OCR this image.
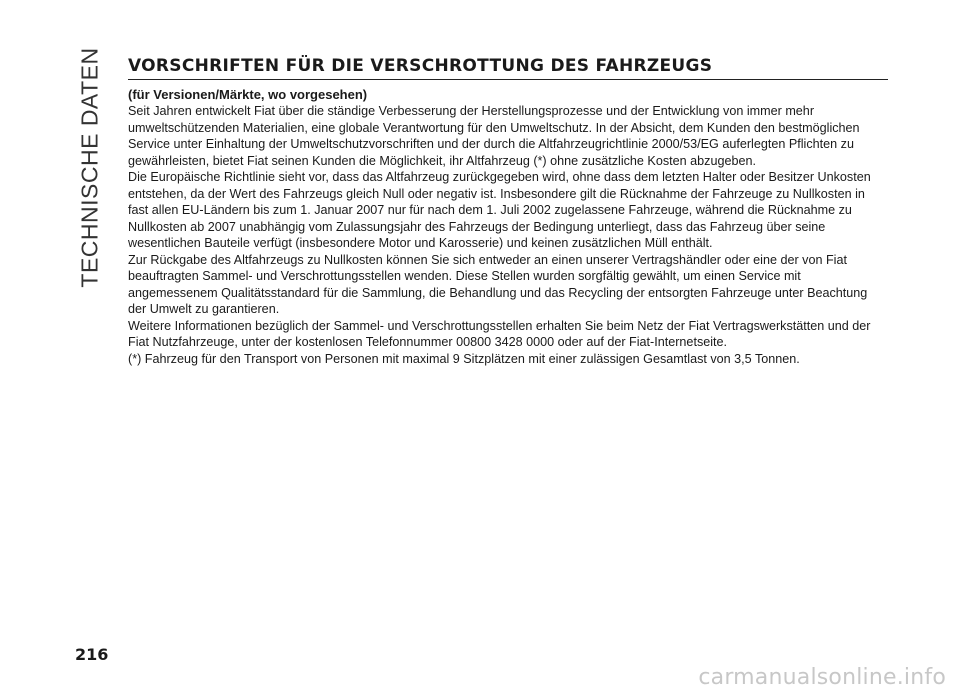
TECHNISCHE DATEN VORSCHRIFTEN FÜR DIE VERSCHROTTUNG DES FAHRZEUGS

(für Versionen/Märkte, wo vorgesehen)

Seit Jahren entwickelt Fiat über die ständige Verbesserung der Herstellungsprozesse und der Entwicklung von immer mehr umweltschützenden Materialien, eine globale Verantwortung für den Umweltschutz. In der Absicht, dem Kunden den bestmöglichen Service unter Einhaltung der Umweltschutzvorschriften und der durch die Altfahrzeugrichtlinie 2000/53/EG auferlegten Pflichten zu gewährleisten, bietet Fiat seinen Kunden die Möglichkeit, ihr Altfahrzeug (*) ohne zusätzliche Kosten abzugeben.

Die Europäische Richtlinie sieht vor, dass das Altfahrzeug zurückgegeben wird, ohne dass dem letzten Halter oder Besitzer Unkosten entstehen, da der Wert des Fahrzeugs gleich Null oder negativ ist. Insbesondere gilt die Rücknahme der Fahrzeuge zu Nullkosten in fast allen EU-Ländern bis zum 1. Januar 2007 nur für nach dem 1. Juli 2002 zugelassene Fahrzeuge, während die Rücknahme zu Nullkosten ab 2007 unabhängig vom Zulassungsjahr des Fahrzeugs der Bedingung unterliegt, dass das Fahrzeug über seine wesentlichen Bauteile verfügt (insbesondere Motor und Karosserie) und keinen zusätzlichen Müll enthält.

Zur Rückgabe des Altfahrzeugs zu Nullkosten können Sie sich entweder an einen unserer Vertragshändler oder eine der von Fiat beauftragten Sammel- und Verschrottungsstellen wenden. Diese Stellen wurden sorgfältig gewählt, um einen Service mit angemessenem Qualitätsstandard für die Sammlung, die Behandlung und das Recycling der entsorgten Fahrzeuge unter Beachtung der Umwelt zu garantieren.

Weitere Informationen bezüglich der Sammel- und Verschrottungsstellen erhalten Sie beim Netz der Fiat Vertragswerkstätten und der Fiat Nutzfahrzeuge, unter der kostenlosen Telefonnummer 00800 3428 0000 oder auf der Fiat-Internetseite.

(*) Fahrzeug für den Transport von Personen mit maximal 9 Sitzplätzen mit einer zulässigen Gesamtlast von 3,5 Tonnen.

216
carmanualsonline.info
